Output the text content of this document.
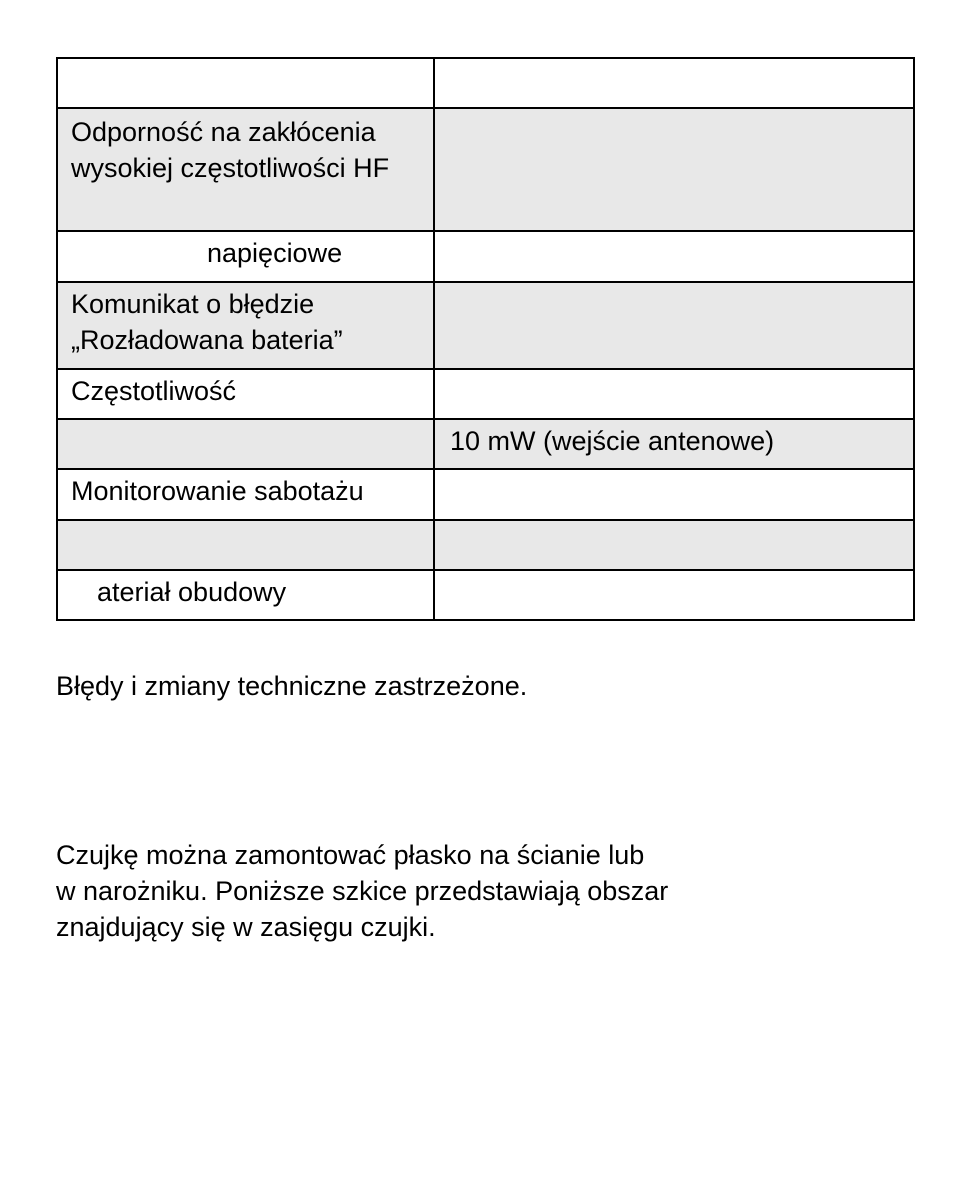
Odporność na zakłócenia wysokiej częstotliwości HF	
napięciowe	
Komunikat o błędzie „Rozładowana bateria”	
Częstotliwość	
	10 mW (wejście antenowe)
Monitorowanie sabotażu	

ateriał obudowy	

Błędy i zmiany techniczne zastrzeżone.

Czujkę można zamontować płasko na ścianie lub
w narożniku. Poniższe szkice przedstawiają obszar
znajdujący się w zasięgu czujki.
